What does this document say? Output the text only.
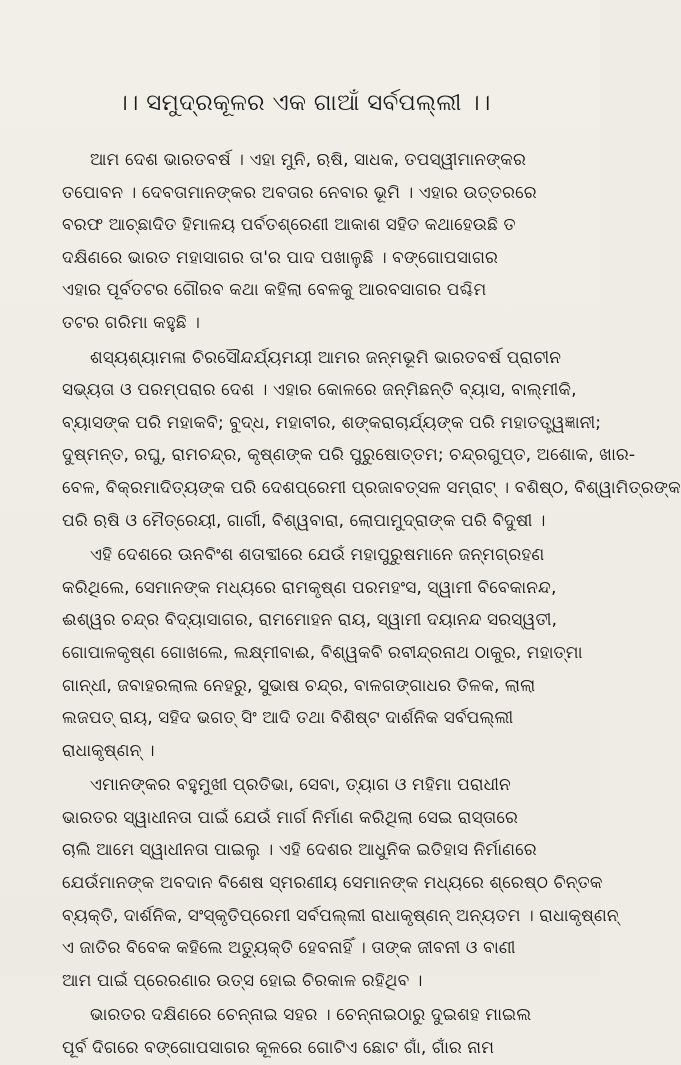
।। ସମୁଦ୍ରକୂଳର ଏକ ଗାଆଁ ସର୍ବପଲ୍ଲୀ ।।
ଆମ ଦେଶ ଭାରତବର୍ଷ । ଏହା ମୁନି, ଋଷି, ସାଧକ, ତପସ୍ୱୀମାନଙ୍କର
ତପୋବନ । ଦେବତାମାନଙ୍କର ଅବତାର ନେବାର ଭୂମି । ଏହାର ଉତ୍ତରରେ
ବରଫ ଆଚ୍ଛାଦିତ ହିମାଳୟ ପର୍ବତଶ୍ରେଣୀ ଆକାଶ ସହିତ କଥାହେଉଛି ତ
ଦକ୍ଷିଣରେ ଭାରତ ମହାସାଗର ତା'ର ପାଦ ପଖାଳୁଛି । ବଙ୍ଗୋପସାଗର
ଏହାର ପୂର୍ବତଟର ଗୌରବ କଥା କହିଲା ବେଳକୁ ଆରବସାଗର ପଶ୍ଚିମ
ତଟର ଗରିମା କହୁଛି ।
ଶସ୍ୟଶ୍ୟାମଳା ଚିରସୌନ୍ଦର୍ଯ୍ୟମୟୀ ଆମର ଜନ୍ମଭୂମି ଭାରତବର୍ଷ ପ୍ରାଚୀନ
ସଭ୍ୟତା ଓ ପରମ୍ପରାର ଦେଶ । ଏହାର କୋଳରେ ଜନ୍ମିଛନ୍ତି ବ୍ୟାସ, ବାଲ୍ମୀକି,
ବ୍ୟାସଙ୍କ ପରି ମହାକବି; ବୁଦ୍ଧ, ମହାବୀର, ଶଙ୍କରାଚାର୍ଯ୍ୟଙ୍କ ପରି ମହାତତ୍ତ୍ୱଜ୍ଞାନୀ;
ଦୁଷ୍ମନ୍ତ, ରଘୁ, ରାମଚନ୍ଦ୍ର, କୃଷ୍ଣଙ୍କ ପରି ପୁରୁଷୋତ୍ତମ; ଚନ୍ଦ୍ରଗୁପ୍ତ, ଅଶୋକ, ଖାର-
ବେଳ, ବିକ୍ରମାଦିତ୍ୟଙ୍କ ପରି ଦେଶପ୍ରେମୀ ପ୍ରଜାବତ୍ସଳ ସମ୍ରାଟ୍ । ବଶିଷ୍ଠ, ବିଶ୍ୱାମିତ୍ରଙ୍କ
ପରି ଋଷି ଓ ମୈତ୍ରେୟୀ, ଗାର୍ଗୀ, ବିଶ୍ୱବାରା, ଲୋପାମୁଦ୍ରାଙ୍କ ପରି ବିଦୁଷୀ ।
ଏହି ଦେଶରେ ଊନବିଂଶ ଶତାବ୍ଦୀରେ ଯେଉଁ ମହାପୁରୁଷମାନେ ଜନ୍ମଗ୍ରହଣ
କରିଥିଲେ, ସେମାନଙ୍କ ମଧ୍ୟରେ ରାମକୃଷ୍ଣ ପରମହଂସ, ସ୍ୱାମୀ ବିବେକାନନ୍ଦ,
ଈଶ୍ୱର ଚନ୍ଦ୍ର ବିଦ୍ୟାସାଗର, ରାମମୋହନ ରାୟ, ସ୍ୱାମୀ ଦୟାନନ୍ଦ ସରସ୍ୱତୀ,
ଗୋପାଳକୃଷ୍ଣ ଗୋଖଲେ, ଲକ୍ଷ୍ମୀବାଈ, ବିଶ୍ୱକବି ରବୀନ୍ଦ୍ରନାଥ ଠାକୁର, ମହାତ୍ମା
ଗାନ୍ଧୀ, ଜବାହରଲାଲ ନେହରୁ, ସୁଭାଷ ଚନ୍ଦ୍ର, ବାଳଗଙ୍ଗାଧର ତିଳକ, ଲାଲା
ଲଜପତ୍ ରାୟ, ସହିଦ ଭଗତ୍ ସିଂ ଆଦି ତଥା ବିଶିଷ୍ଟ ଦାର୍ଶନିକ ସର୍ବପଲ୍ଲୀ
ରାଧାକୃଷ୍ଣନ୍ ।
ଏମାନଙ୍କର ବହୁମୁଖୀ ପ୍ରତିଭା, ସେବା, ତ୍ୟାଗ ଓ ମହିମା ପରାଧୀନ
ଭାରତର ସ୍ୱାଧୀନତା ପାଇଁ ଯେଉଁ ମାର୍ଗ ନିର୍ମାଣ କରିଥିଲା ସେଇ ରାସ୍ତାରେ
ଚାଲି ଆମେ ସ୍ୱାଧୀନତା ପାଇଲୁ । ଏହି ଦେଶର ଆଧୁନିକ ଇତିହାସ ନିର୍ମାଣରେ
ଯେଉଁମାନଙ୍କ ଅବଦାନ ବିଶେଷ ସ୍ମରଣୀୟ ସେମାନଙ୍କ ମଧ୍ୟରେ ଶ୍ରେଷ୍ଠ ଚିନ୍ତକ
ବ୍ୟକ୍ତି, ଦାର୍ଶନିକ, ସଂସ୍କୃତିପ୍ରେମୀ ସର୍ବପଲ୍ଲୀ ରାଧାକୃଷ୍ଣନ୍ ଅନ୍ୟତମ । ରାଧାକୃଷ୍ଣନ୍
ଏ ଜାତିର ବିବେକ କହିଲେ ଅତ୍ୟୁକ୍ତି ହେବନାହିଁ । ତାଙ୍କ ଜୀବନୀ ଓ ବାଣୀ
ଆମ ପାଇଁ ପ୍ରେରଣାର ଉତ୍ସ ହୋଇ ଚିରକାଳ ରହିଥିବ ।
ଭାରତର ଦକ୍ଷିଣରେ ଚେନ୍ନାଇ ସହର । ଚେନ୍ନାଇଠାରୁ ଦୁଇଶହ ମାଇଲ
ପୂର୍ବ ଦିଗରେ ବଙ୍ଗୋପସାଗର କୂଳରେ ଗୋଟିଏ ଛୋଟ ଗାଁ, ଗାଁର ନାମ
